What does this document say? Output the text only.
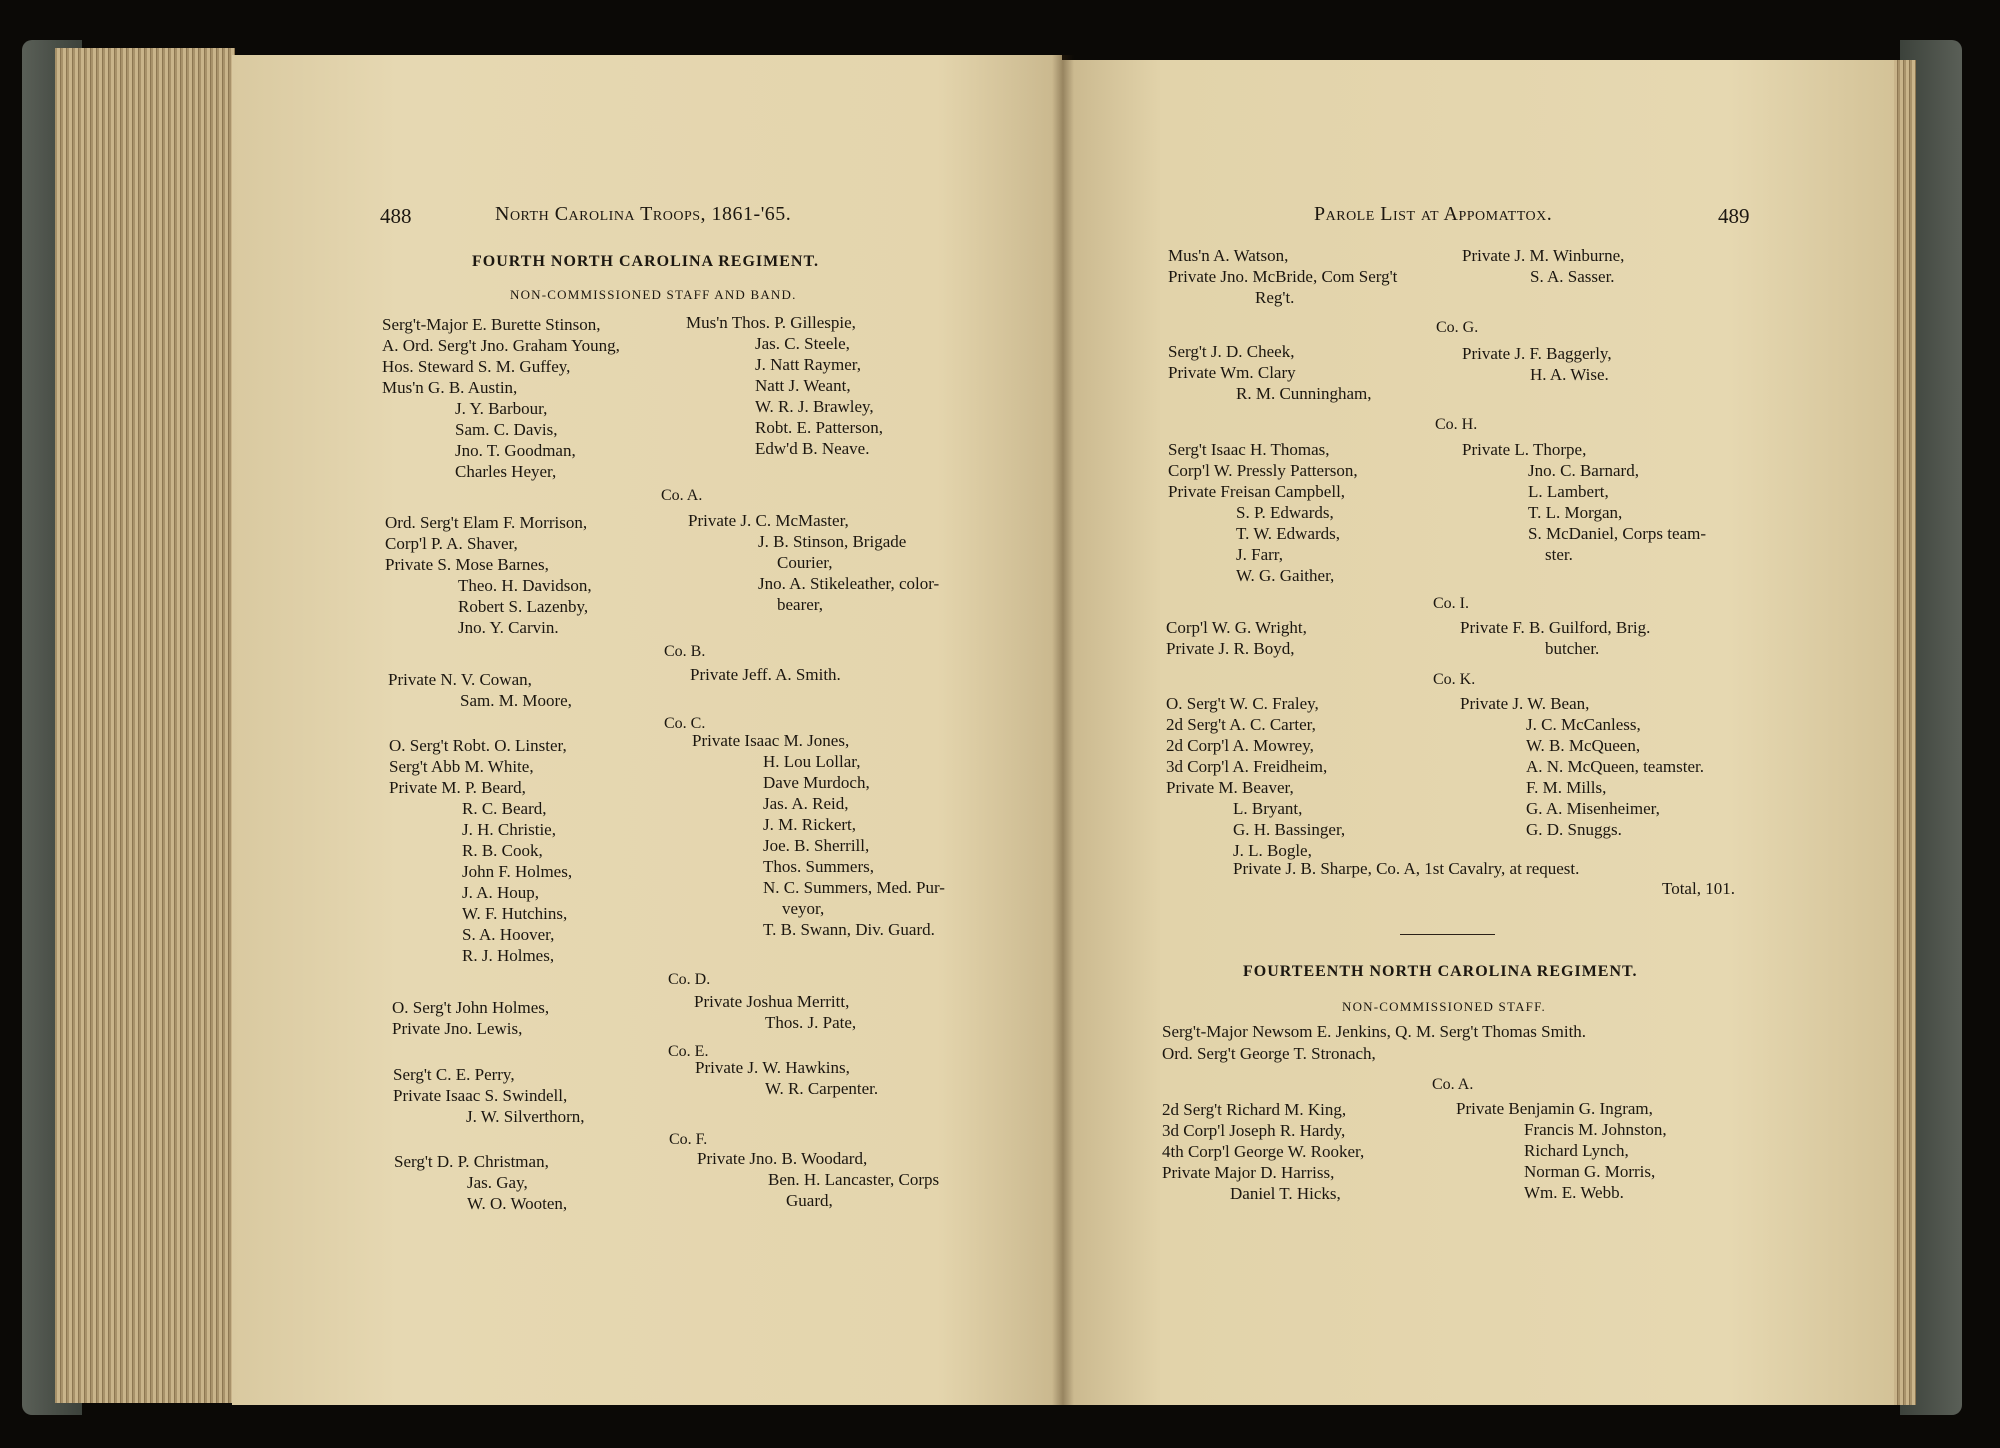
488	North Carolina Troops, 1861-'65.
FOURTH NORTH CAROLINA REGIMENT.
NON-COMMISSIONED STAFF AND BAND.
Serg't-Major E. Burette Stinson,
A. Ord. Serg't Jno. Graham Young,
Hos. Steward S. M. Guffey,
Mus'n G. B. Austin,
J. Y. Barbour,
Sam. C. Davis,
Jno. T. Goodman,
Charles Heyer,
Mus'n Thos. P. Gillespie,
Jas. C. Steele,
J. Natt Raymer,
Natt J. Weant,
W. R. J. Brawley,
Robt. E. Patterson,
Edw'd B. Neave.
Co. A.
Ord. Serg't Elam F. Morrison,
Corp'l P. A. Shaver,
Private S. Mose Barnes,
Theo. H. Davidson,
Robert S. Lazenby,
Jno. Y. Carvin.
Private J. C. McMaster,
J. B. Stinson, Brigade
Courier,
Jno. A. Stikeleather, color-
bearer,
Co. B.
Private N. V. Cowan,
Sam. M. Moore,
Private Jeff. A. Smith.
Co. C.
O. Serg't Robt. O. Linster,
Serg't Abb M. White,
Private M. P. Beard,
R. C. Beard,
J. H. Christie,
R. B. Cook,
John F. Holmes,
J. A. Houp,
W. F. Hutchins,
S. A. Hoover,
R. J. Holmes,
Private Isaac M. Jones,
H. Lou Lollar,
Dave Murdoch,
Jas. A. Reid,
J. M. Rickert,
Joe. B. Sherrill,
Thos. Summers,
N. C. Summers, Med. Pur-
veyor,
T. B. Swann, Div. Guard.
Co. D.
O. Serg't John Holmes,
Private Jno. Lewis,
Private Joshua Merritt,
Thos. J. Pate,
Co. E.
Serg't C. E. Perry,
Private Isaac S. Swindell,
J. W. Silverthorn,
Private J. W. Hawkins,
W. R. Carpenter.
Co. F.
Serg't D. P. Christman,
Jas. Gay,
W. O. Wooten,
Private Jno. B. Woodard,
Ben. H. Lancaster, Corps
Guard,
Parole List at Appomattox.	489
Mus'n A. Watson,
Private Jno. McBride, Com Serg't
Reg't.
Private J. M. Winburne,
S. A. Sasser.
Co. G.
Serg't J. D. Cheek,
Private Wm. Clary
R. M. Cunningham,
Private J. F. Baggerly,
H. A. Wise.
Co. H.
Serg't Isaac H. Thomas,
Corp'l W. Pressly Patterson,
Private Freisan Campbell,
S. P. Edwards,
T. W. Edwards,
J. Farr,
W. G. Gaither,
Private L. Thorpe,
Jno. C. Barnard,
L. Lambert,
T. L. Morgan,
S. McDaniel, Corps team-
ster.
Co. I.
Corp'l W. G. Wright,
Private J. R. Boyd,
Private F. B. Guilford, Brig.
butcher.
Co. K.
O. Serg't W. C. Fraley,
2d Serg't A. C. Carter,
2d Corp'l A. Mowrey,
3d Corp'l A. Freidheim,
Private M. Beaver,
L. Bryant,
G. H. Bassinger,
J. L. Bogle,
Private J. W. Bean,
J. C. McCanless,
W. B. McQueen,
A. N. McQueen, teamster.
F. M. Mills,
G. A. Misenheimer,
G. D. Snuggs.
Private J. B. Sharpe, Co. A, 1st Cavalry, at request.
Total, 101.
FOURTEENTH NORTH CAROLINA REGIMENT.
NON-COMMISSIONED STAFF.
Serg't-Major Newsom E. Jenkins, Q. M. Serg't Thomas Smith.
Ord. Serg't George T. Stronach,
Co. A.
2d Serg't Richard M. King,
3d Corp'l Joseph R. Hardy,
4th Corp'l George W. Rooker,
Private Major D. Harriss,
Daniel T. Hicks,
Private Benjamin G. Ingram,
Francis M. Johnston,
Richard Lynch,
Norman G. Morris,
Wm. E. Webb.
